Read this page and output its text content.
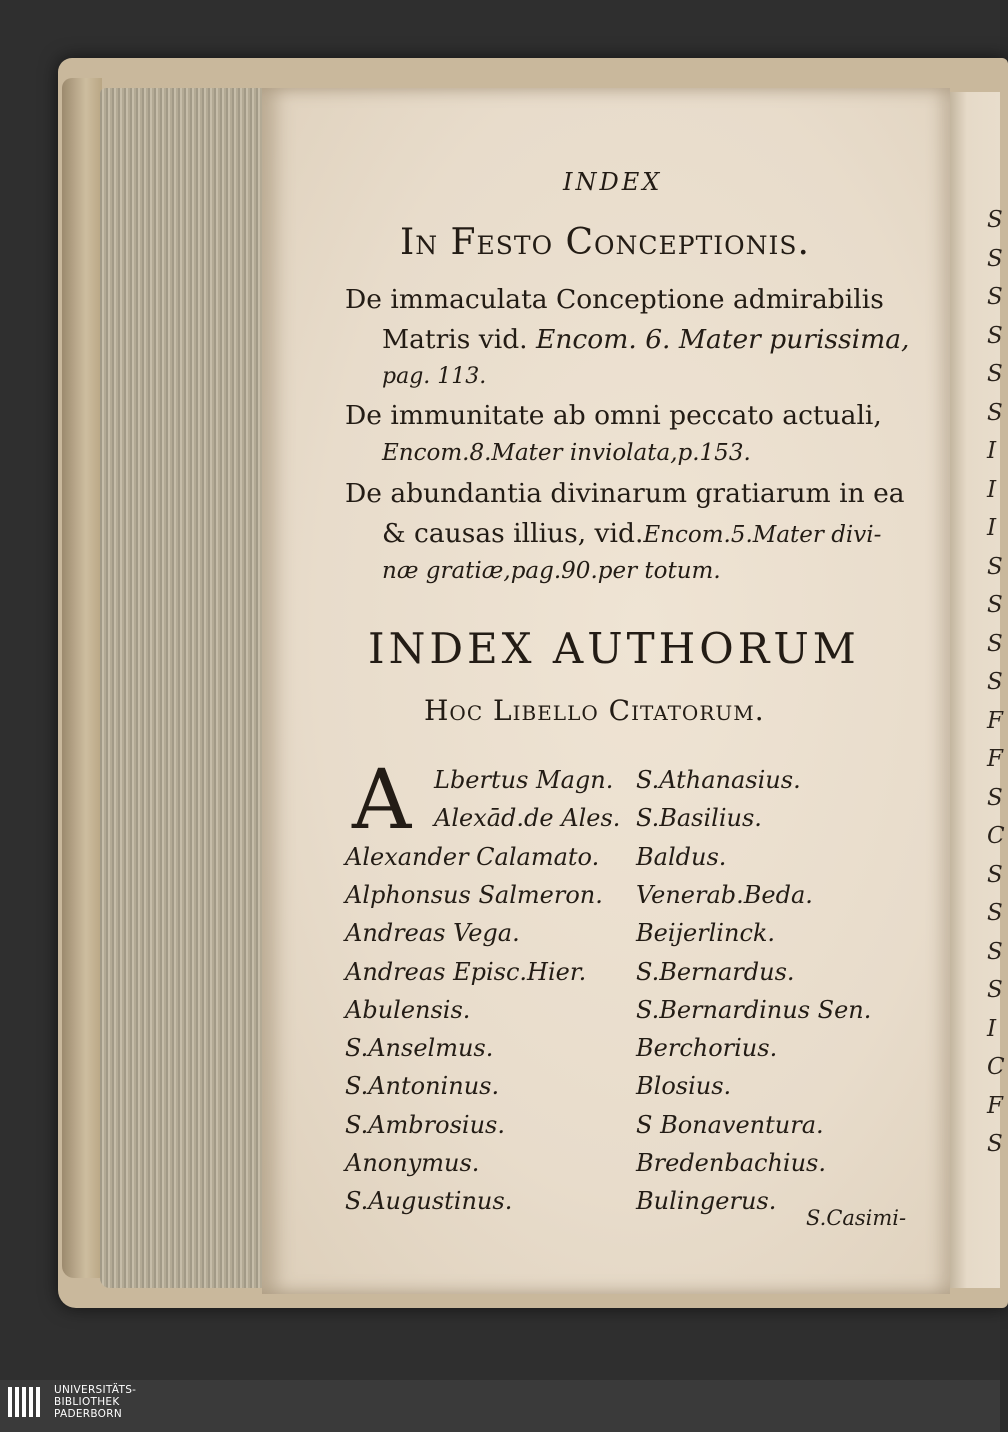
S
S
S
S
S
S
I
I
I
S
S
S
S
F
F
S
C
S
S
S
S
I
C
F
S
INDEX
In Festo Conceptionis.
De immaculata Conceptione admirabilis
Matris vid. Encom. 6. Mater purissima,
pag. 113.
De immunitate ab omni peccato actuali,
Encom.8.Mater inviolata,p.153.
De abundantia divinarum gratiarum in ea
& causas illius, vid.Encom.5.Mater divi-
næ gratiæ,pag.90.per totum.
INDEX AUTHORUM
Hoc Libello Citatorum.
A Lbertus Magn.
Alexād.de Ales.
Alexander Calamato.
Alphonsus Salmeron.
Andreas Vega.
Andreas Episc.Hier.
Abulensis.
S.Anselmus.
S.Antoninus.
S.Ambrosius.
Anonymus.
S.Augustinus.
S.Athanasius.
S.Basilius.
Baldus.
Venerab.Beda.
Beijerlinck.
S.Bernardus.
S.Bernardinus Sen.
Berchorius.
Blosius.
S Bonaventura.
Bredenbachius.
Bulingerus.
S.Casimi-
UNIVERSITÄTS-
BIBLIOTHEK
PADERBORN
